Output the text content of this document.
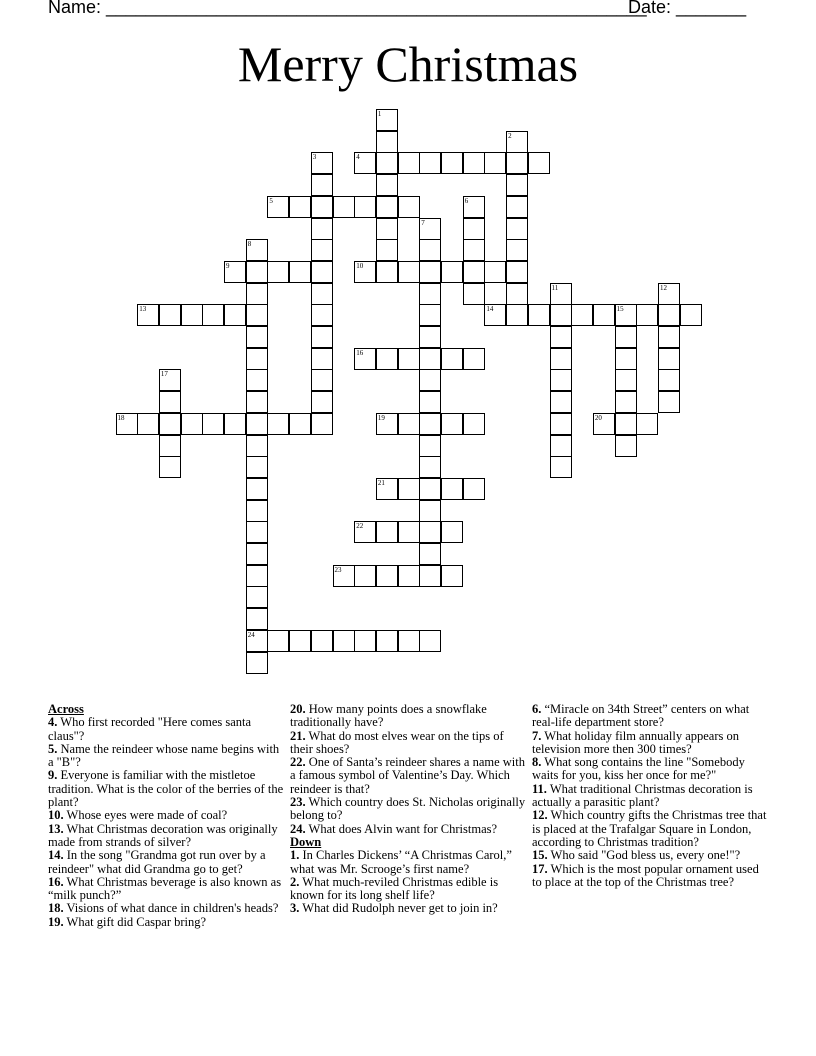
Name: ______________________________________________________
Date: _______
Merry Christmas
4
5
9	10
13	14	15
16
18	19	20
21
22
23
24
1
2
3
6
7
8
11	12
17

Across

4. Who first recorded "Here comes santa claus"?

5. Name the reindeer whose name begins with a "B"?

9. Everyone is familiar with the mistletoe tradition. What is the color of the berries of the plant?

10. Whose eyes were made of coal?

13. What Christmas decoration was originally made from strands of silver?

14. In the song "Grandma got run over by a reindeer" what did Grandma go to get?

16. What Christmas beverage is also known as “milk punch?”

18. Visions of what dance in children's heads?

19. What gift did Caspar bring?

20. How many points does a snowflake traditionally have?

21. What do most elves wear on the tips of their shoes?

22. One of Santa’s reindeer shares a name with a famous symbol of Valentine’s Day. Which reindeer is that?

23. Which country does St. Nicholas originally belong to?

24. What does Alvin want for Christmas?

Down

1. In Charles Dickens’ “A Christmas Carol,” what was Mr. Scrooge’s first name?

2. What much-reviled Christmas edible is known for its long shelf life?

3. What did Rudolph never get to join in?

6. “Miracle on 34th Street” centers on what real-life department store?

7. What holiday film annually appears on television more then 300 times?

8. What song contains the line "Somebody waits for you, kiss her once for me?"

11. What traditional Christmas decoration is actually a parasitic plant?

12. Which country gifts the Christmas tree that is placed at the Trafalgar Square in London, according to Christmas tradition?

15. Who said "God bless us, every one!"?

17. Which is the most popular ornament used to place at the top of the Christmas tree?
